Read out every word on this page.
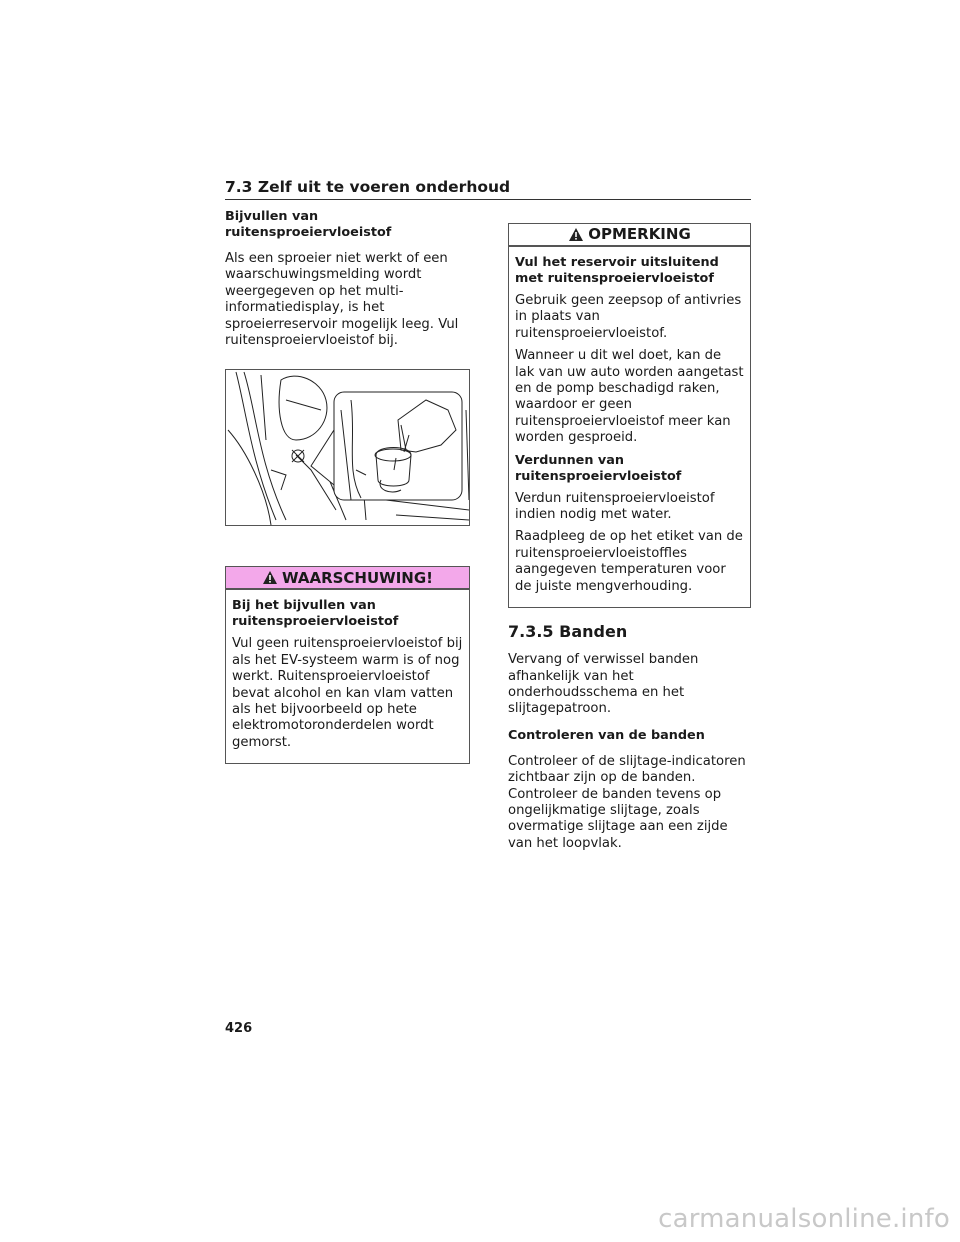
7.3 Zelf uit te voeren onderhoud
Bijvullen van ruitensproeiervloeistof

Als een sproeier niet werkt of een waarschuwingsmelding wordt weergegeven op het multi-informatiedisplay, is het sproeierreservoir mogelijk leeg. Vul ruitensproeiervloeistof bij.

WAARSCHUWING!

Bij het bijvullen van ruitensproeiervloeistof

Vul geen ruitensproeiervloeistof bij als het EV-systeem warm is of nog werkt. Ruitensproeiervloeistof bevat alcohol en kan vlam vatten als het bijvoorbeeld op hete elektromotoronderdelen wordt gemorst.

OPMERKING

Vul het reservoir uitsluitend met ruitensproeiervloeistof

Gebruik geen zeepsop of antivries in plaats van ruitensproeiervloeistof.

Wanneer u dit wel doet, kan de lak van uw auto worden aangetast en de pomp beschadigd raken, waardoor er geen ruitensproeiervloeistof meer kan worden gesproeid.

Verdunnen van ruitensproeiervloeistof

Verdun ruitensproeiervloeistof indien nodig met water.

Raadpleeg de op het etiket van de ruitensproeiervloeistoffles aangegeven temperaturen voor de juiste mengverhouding.

7.3.5 Banden

Vervang of verwissel banden afhankelijk van het onderhoudsschema en het slijtagepatroon.

Controleren van de banden

Controleer of de slijtage-indicatoren zichtbaar zijn op de banden. Controleer de banden tevens op ongelijkmatige slijtage, zoals overmatige slijtage aan een zijde van het loopvlak.

426
carmanualsonline.info
